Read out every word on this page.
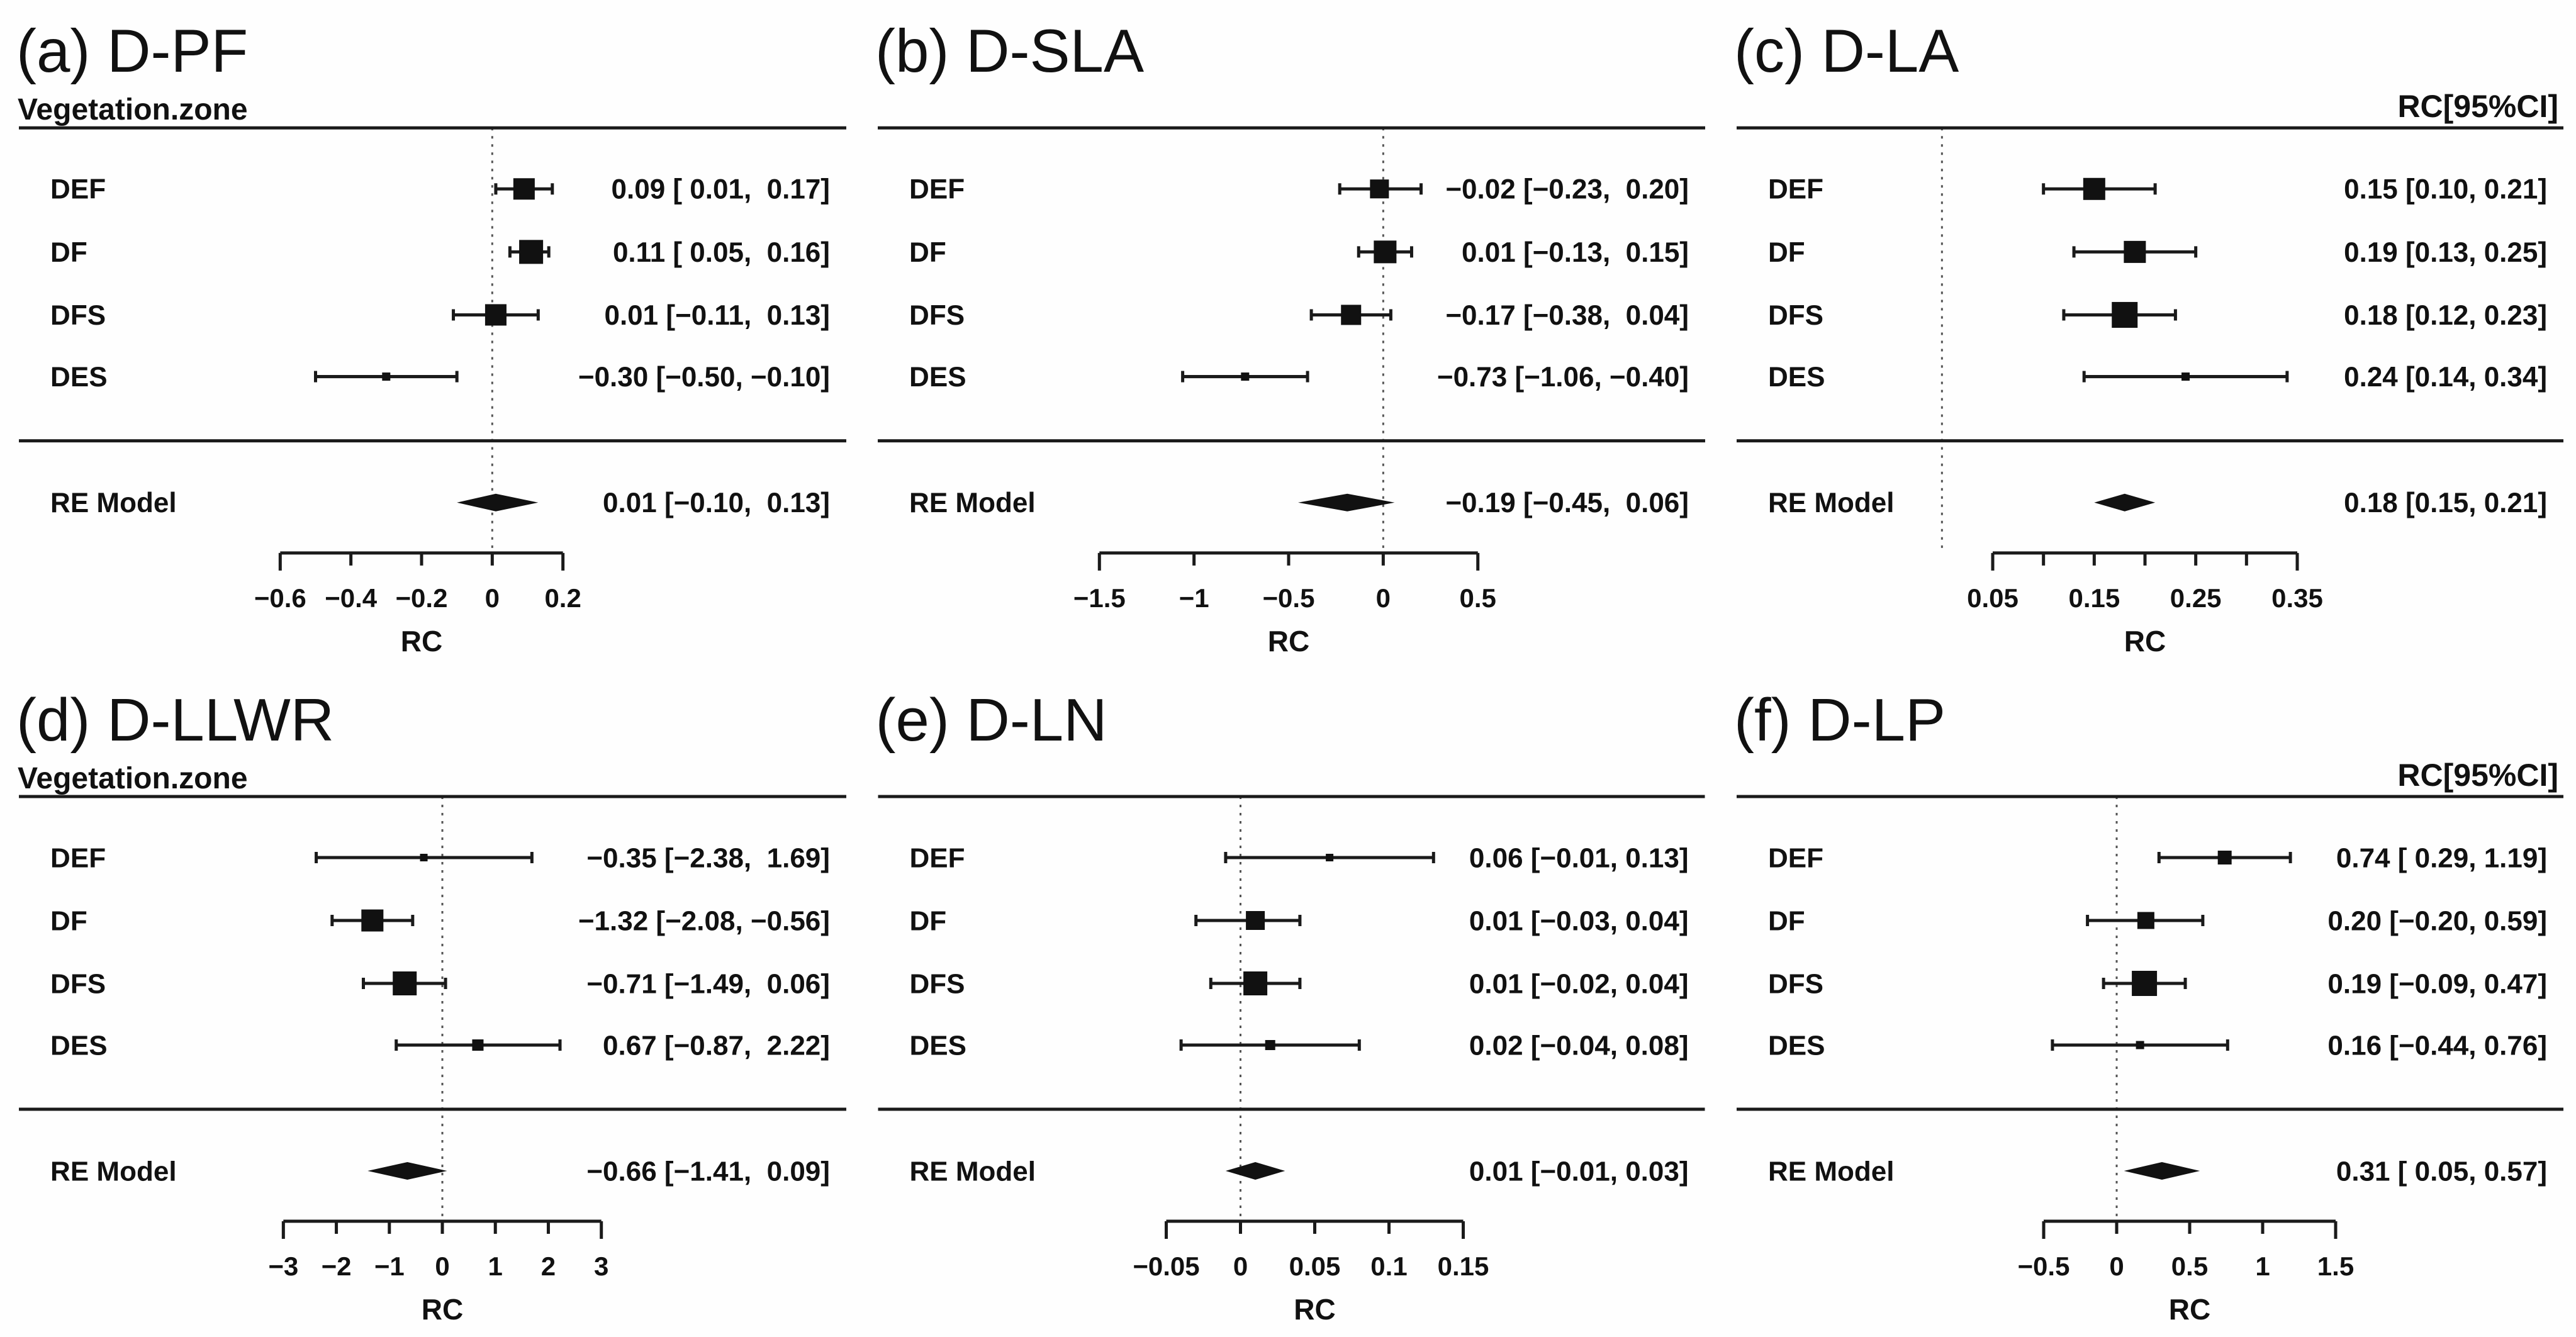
(a) D-PF
Vegetation.zone
DEF	0.09 [ 0.01,  0.17]
DF	0.11 [ 0.05,  0.16]
DFS	0.01 [−0.11,  0.13]
DES	−0.30 [−0.50, −0.10]
RE Model	0.01 [−0.10,  0.13]
−0.6 −0.4 −0.2 0 0.2
RC
(b) D-SLA
DEF	−0.02 [−0.23,  0.20]
DF	0.01 [−0.13,  0.15]
DFS	−0.17 [−0.38,  0.04]
DES	−0.73 [−1.06, −0.40]
RE Model	−0.19 [−0.45,  0.06]
−1.5 −1 −0.5 0	0.5
RC
(c) D-LA
RC[95%CI]
DEF	0.15 [0.10, 0.21]
DF	0.19 [0.13, 0.25]
DFS	0.18 [0.12, 0.23]
DES	0.24 [0.14, 0.34]
RE Model	0.18 [0.15, 0.21]
0.05 0.15 0.25 0.35
RC
(d) D-LLWR
Vegetation.zone
DEF	−0.35 [−2.38,  1.69]
DF	−1.32 [−2.08, −0.56]
DFS	−0.71 [−1.49,  0.06]
DES	0.67 [−0.87,  2.22]
RE Model	−0.66 [−1.41,  0.09]
−3 −2 −1 0 1 2 3
RC
(e) D-LN
DEF	0.06 [−0.01, 0.13]
DF	0.01 [−0.03, 0.04]
DFS	0.01 [−0.02, 0.04]
DES	0.02 [−0.04, 0.08]
RE Model	0.01 [−0.01, 0.03]
−0.05 0 0.05 0.1 0.15
RC
(f) D-LP
RC[95%CI]
DEF	0.74 [ 0.29, 1.19]
DF	0.20 [−0.20, 0.59]
DFS	0.19 [−0.09, 0.47]
DES	0.16 [−0.44, 0.76]
RE Model	0.31 [ 0.05, 0.57]
−0.5 0 0.5 1 1.5
RC
